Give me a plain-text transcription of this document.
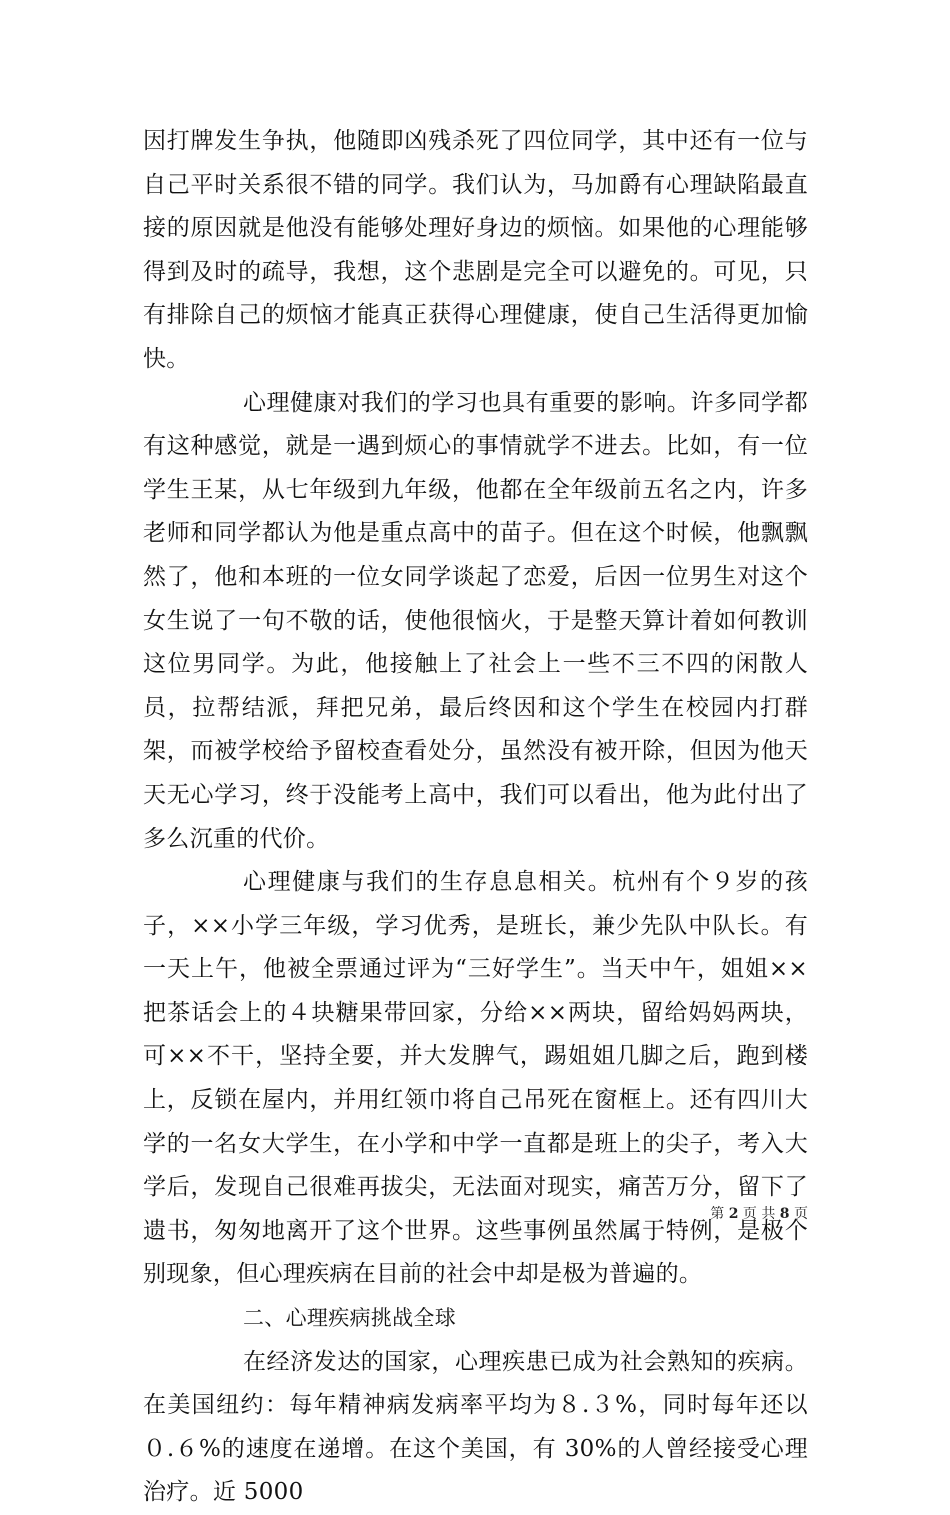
因打牌发生争执，他随即凶残杀死了四位同学，其中还有一位与自己平时关系很不错的同学。我们认为，马加爵有心理缺陷最直接的原因就是他没有能够处理好身边的烦恼。如果他的心理能够得到及时的疏导，我想，这个悲剧是完全可以避免的。可见，只有排除自己的烦恼才能真正获得心理健康，使自己生活得更加愉快。

心理健康对我们的学习也具有重要的影响。许多同学都有这种感觉，就是一遇到烦心的事情就学不进去。比如，有一位学生王某，从七年级到九年级，他都在全年级前五名之内，许多老师和同学都认为他是重点高中的苗子。但在这个时候，他飘飘然了，他和本班的一位女同学谈起了恋爱，后因一位男生对这个女生说了一句不敬的话，使他很恼火，于是整天算计着如何教训这位男同学。为此，他接触上了社会上一些不三不四的闲散人员，拉帮结派，拜把兄弟，最后终因和这个学生在校园内打群架，而被学校给予留校查看处分，虽然没有被开除，但因为他天天无心学习，终于没能考上高中，我们可以看出，他为此付出了多么沉重的代价。

心理健康与我们的生存息息相关。杭州有个９岁的孩子，××小学三年级，学习优秀，是班长，兼少先队中队长。有一天上午，他被全票通过评为“三好学生”。当天中午，姐姐××把茶话会上的４块糖果带回家，分给××两块，留给妈妈两块，可××不干，坚持全要，并大发脾气，踢姐姐几脚之后，跑到楼上，反锁在屋内，并用红领巾将自己吊死在窗框上。还有四川大学的一名女大学生，在小学和中学一直都是班上的尖子，考入大学后，发现自己很难再拔尖，无法面对现实，痛苦万分，留下了遗书，匆匆地离开了这个世界。这些事例虽然属于特例，是极个别现象，但心理疾病在目前的社会中却是极为普遍的。

二、心理疾病挑战全球

在经济发达的国家，心理疾患已成为社会熟知的疾病。在美国纽约：每年精神病发病率平均为８.３%，同时每年还以０.６%的速度在递增。在这个美国，有 30%的人曾经接受心理治疗。近 5000

第 2 页 共 8 页
